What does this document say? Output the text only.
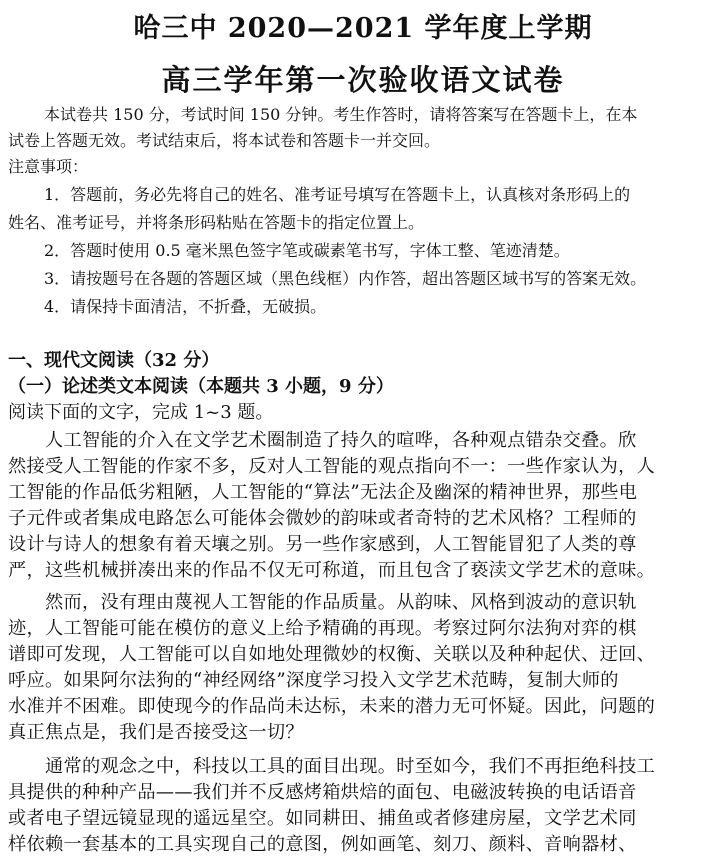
哈三中 2020—2021 学年度上学期
高三学年第一次验收语文试卷
本试卷共 150 分，考试时间 150 分钟。考生作答时，请将答案写在答题卡上，在本
试卷上答题无效。考试结束后，将本试卷和答题卡一并交回。
注意事项：
1．答题前，务必先将自己的姓名、准考证号填写在答题卡上，认真核对条形码上的
姓名、准考证号，并将条形码粘贴在答题卡的指定位置上。
2．答题时使用 0.5 毫米黑色签字笔或碳素笔书写，字体工整、笔迹清楚。
3．请按题号在各题的答题区域（黑色线框）内作答，超出答题区域书写的答案无效。
4．请保持卡面清洁，不折叠，无破损。
一、现代文阅读（32 分）
（一）论述类文本阅读（本题共 3 小题，9 分）
阅读下面的文字，完成 1~3 题。
　　人工智能的介入在文学艺术圈制造了持久的喧哗，各种观点错杂交叠。欣
然接受人工智能的作家不多，反对人工智能的观点指向不一：一些作家认为，人
工智能的作品低劣粗陋，人工智能的“算法”无法企及幽深的精神世界，那些电
子元件或者集成电路怎么可能体会微妙的韵味或者奇特的艺术风格？工程师的
设计与诗人的想象有着天壤之别。另一些作家感到，人工智能冒犯了人类的尊
严，这些机械拼凑出来的作品不仅无可称道，而且包含了亵渎文学艺术的意味。
　　然而，没有理由蔑视人工智能的作品质量。从韵味、风格到波动的意识轨
迹，人工智能可能在模仿的意义上给予精确的再现。考察过阿尔法狗对弈的棋
谱即可发现，人工智能可以自如地处理微妙的权衡、关联以及种种起伏、迂回、
呼应。如果阿尔法狗的“神经网络”深度学习投入文学艺术范畴，复制大师的
水准并不困难。即使现今的作品尚未达标，未来的潜力无可怀疑。因此，问题的
真正焦点是，我们是否接受这一切？
　　通常的观念之中，科技以工具的面目出现。时至如今，我们不再拒绝科技工
具提供的种种产品——我们并不反感烤箱烘焙的面包、电磁波转换的电话语音
或者电子望远镜显现的遥远星空。如同耕田、捕鱼或者修建房屋，文学艺术同
样依赖一套基本的工具实现自己的意图，例如画笔、刻刀、颜料、音响器材、
